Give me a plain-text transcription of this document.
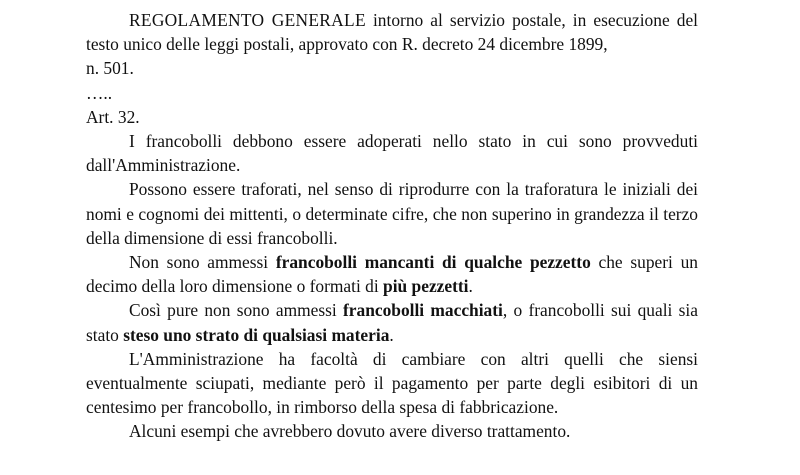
REGOLAMENTO GENERALE intorno al servizio postale, in esecuzione del testo unico delle leggi postali, approvato con R. decreto 24 dicembre 1899,

n. 501.

…..

Art. 32.

I francobolli debbono essere adoperati nello stato in cui sono provveduti dall'Amministrazione.

Possono essere traforati, nel senso di riprodurre con la traforatura le iniziali dei nomi e cognomi dei mittenti, o determinate cifre, che non superino in grandezza il terzo della dimensione di essi francobolli.

Non sono ammessi francobolli mancanti di qualche pezzetto che superi un decimo della loro dimensione o formati di più pezzetti.

Così pure non sono ammessi francobolli macchiati, o francobolli sui quali sia stato steso uno strato di qualsiasi materia.

L'Amministrazione ha facoltà di cambiare con altri quelli che siensi eventualmente sciupati, mediante però il pagamento per parte degli esibitori di un centesimo per francobollo, in rimborso della spesa di fabbricazione.

Alcuni esempi che avrebbero dovuto avere diverso trattamento.
